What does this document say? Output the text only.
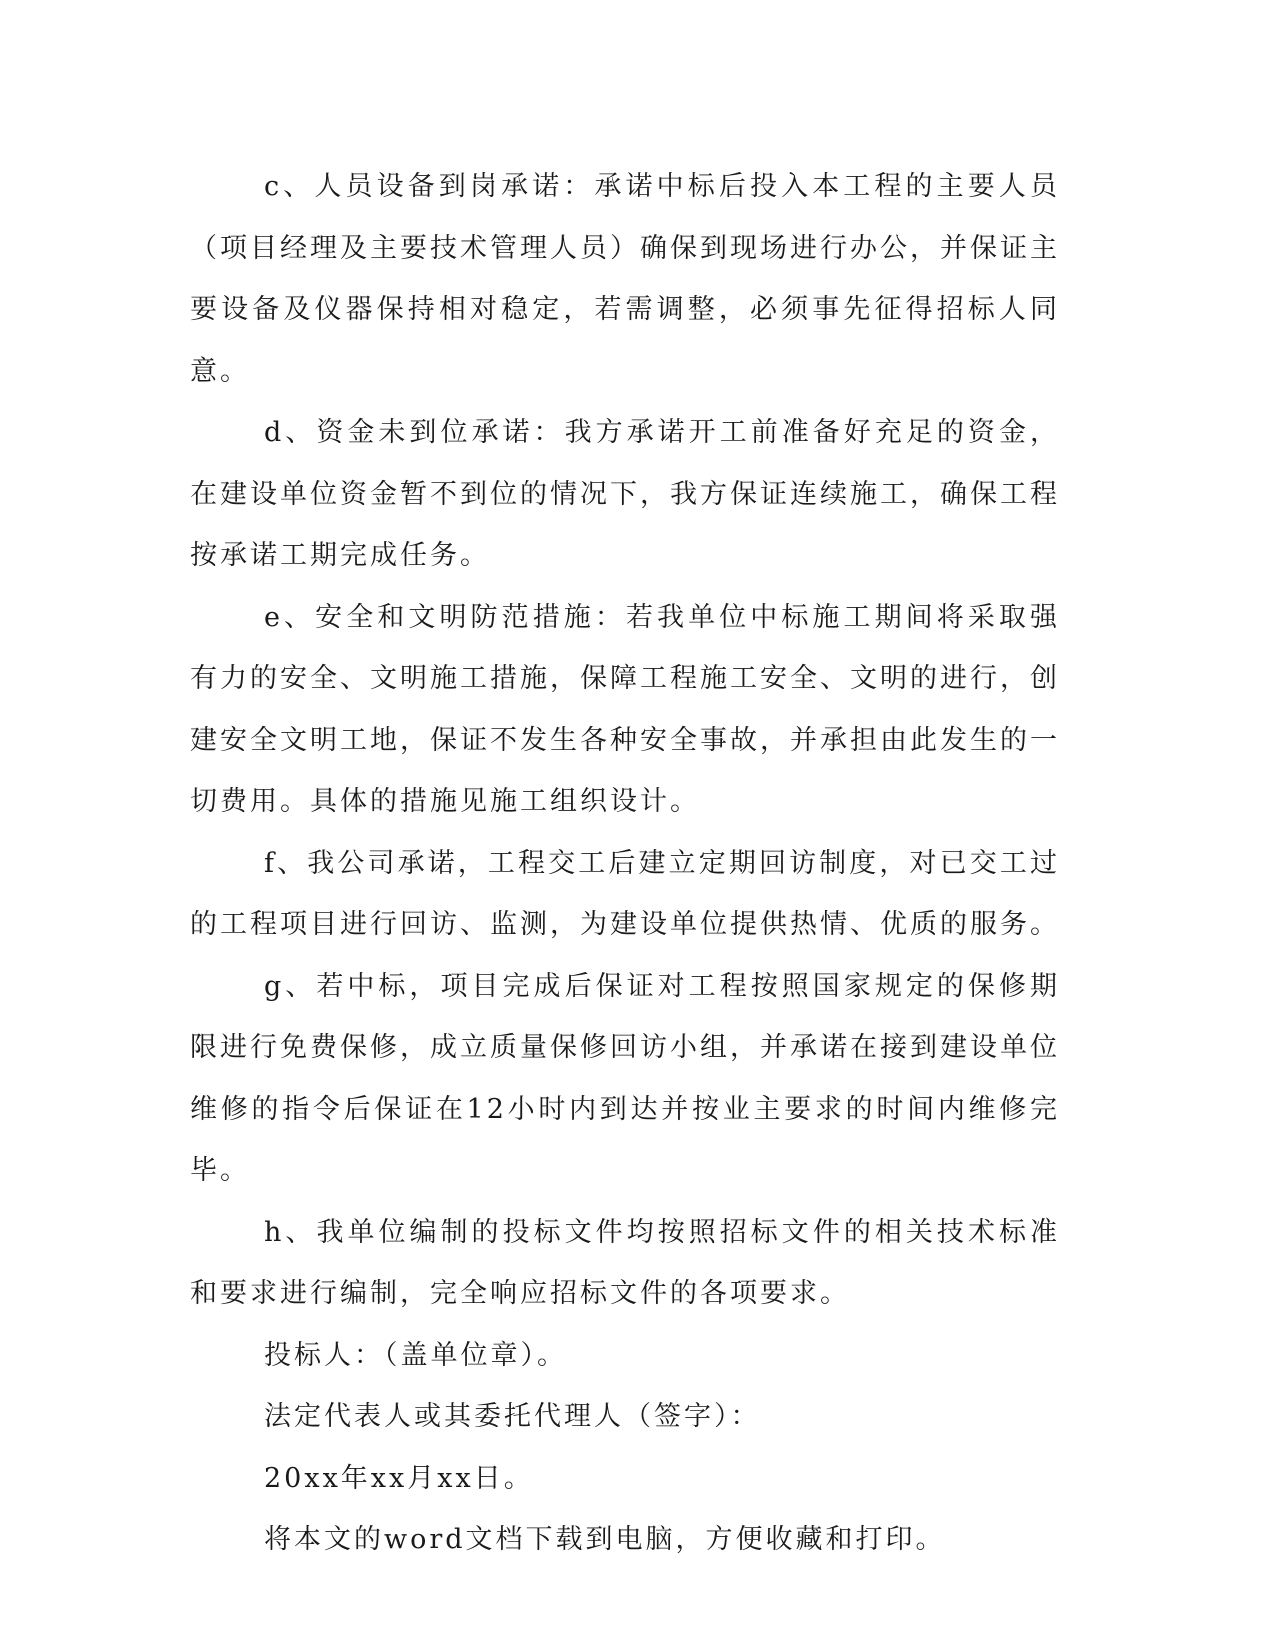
c、人员设备到岗承诺：承诺中标后投入本工程的主要人员（项目经理及主要技术管理人员）确保到现场进行办公，并保证主要设备及仪器保持相对稳定，若需调整，必须事先征得招标人同意。

d、资金未到位承诺：我方承诺开工前准备好充足的资金，在建设单位资金暂不到位的情况下，我方保证连续施工，确保工程按承诺工期完成任务。

e、安全和文明防范措施：若我单位中标施工期间将采取强有力的安全、文明施工措施，保障工程施工安全、文明的进行，创建安全文明工地，保证不发生各种安全事故，并承担由此发生的一切费用。具体的措施见施工组织设计。

f、我公司承诺，工程交工后建立定期回访制度，对已交工过的工程项目进行回访、监测，为建设单位提供热情、优质的服务。

g、若中标，项目完成后保证对工程按照国家规定的保修期限进行免费保修，成立质量保修回访小组，并承诺在接到建设单位维修的指令后保证在12小时内到达并按业主要求的时间内维修完毕。

h、我单位编制的投标文件均按照招标文件的相关技术标准和要求进行编制，完全响应招标文件的各项要求。

投标人：（盖单位章）。

法定代表人或其委托代理人（签字）：

20xx年xx月xx日。

将本文的word文档下载到电脑，方便收藏和打印。
